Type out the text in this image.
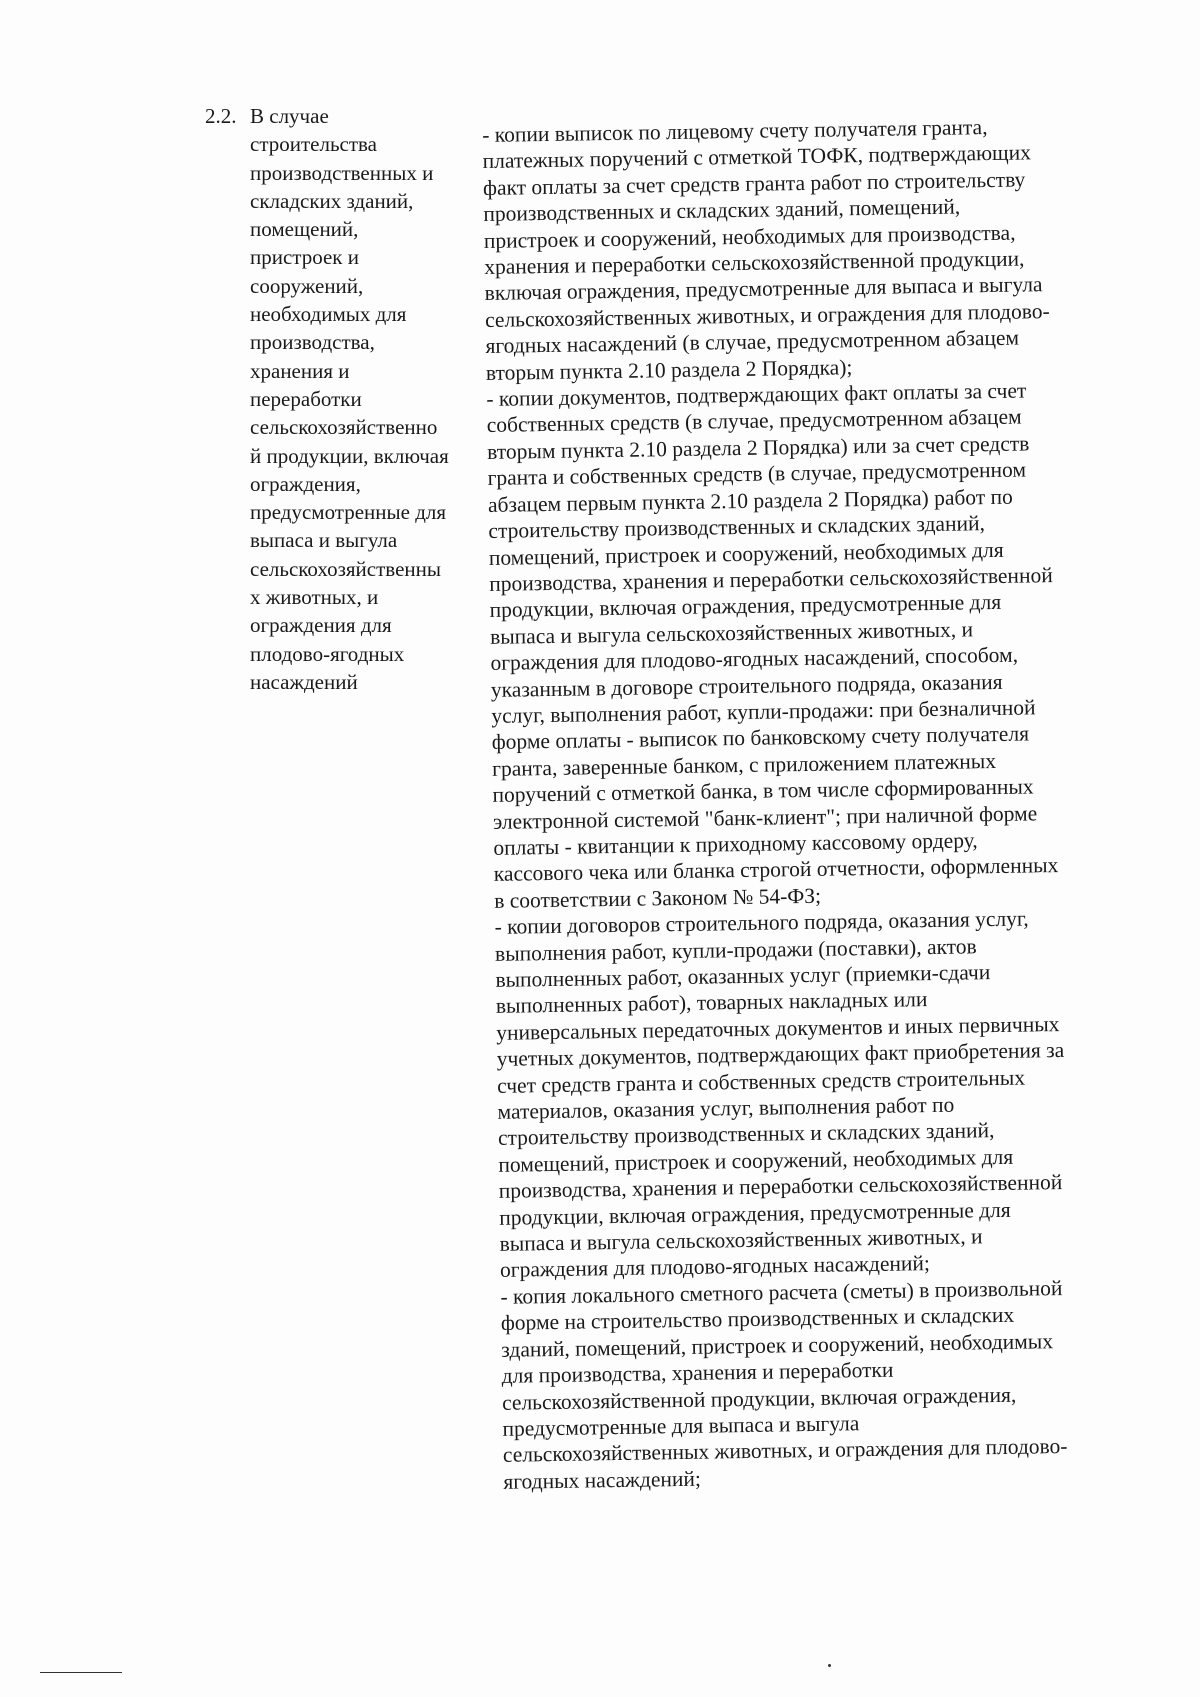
2.2. В случае
строительства
производственных и
складских зданий,
помещений,
пристроек и
сооружений,
необходимых для
производства,
хранения и
переработки
сельскохозяйственно
й продукции, включая
ограждения,
предусмотренные для
выпаса и выгула
сельскохозяйственны
х животных, и
ограждения для
плодово-ягодных
насаждений
- копии выписок по лицевому счету получателя гранта,
платежных поручений с отметкой ТОФК, подтверждающих
факт оплаты за счет средств гранта работ по строительству
производственных и складских зданий, помещений,
пристроек и сооружений, необходимых для производства,
хранения и переработки сельскохозяйственной продукции,
включая ограждения, предусмотренные для выпаса и выгула
сельскохозяйственных животных, и ограждения для плодово-
ягодных насаждений (в случае, предусмотренном абзацем
вторым пункта 2.10 раздела 2 Порядка);
- копии документов, подтверждающих факт оплаты за счет
собственных средств (в случае, предусмотренном абзацем
вторым пункта 2.10 раздела 2 Порядка) или за счет средств
гранта и собственных средств (в случае, предусмотренном
абзацем первым пункта 2.10 раздела 2 Порядка) работ по
строительству производственных и складских зданий,
помещений, пристроек и сооружений, необходимых для
производства, хранения и переработки сельскохозяйственной
продукции, включая ограждения, предусмотренные для
выпаса и выгула сельскохозяйственных животных, и
ограждения для плодово-ягодных насаждений, способом,
указанным в договоре строительного подряда, оказания
услуг, выполнения работ, купли-продажи: при безналичной
форме оплаты - выписок по банковскому счету получателя
гранта, заверенные банком, с приложением платежных
поручений с отметкой банка, в том числе сформированных
электронной системой "банк-клиент"; при наличной форме
оплаты - квитанции к приходному кассовому ордеру,
кассового чека или бланка строгой отчетности, оформленных
в соответствии с Законом № 54-ФЗ;
- копии договоров строительного подряда, оказания услуг,
выполнения работ, купли-продажи (поставки), актов
выполненных работ, оказанных услуг (приемки-сдачи
выполненных работ), товарных накладных или
универсальных передаточных документов и иных первичных
учетных документов, подтверждающих факт приобретения за
счет средств гранта и собственных средств строительных
материалов, оказания услуг, выполнения работ по
строительству производственных и складских зданий,
помещений, пристроек и сооружений, необходимых для
производства, хранения и переработки сельскохозяйственной
продукции, включая ограждения, предусмотренные для
выпаса и выгула сельскохозяйственных животных, и
ограждения для плодово-ягодных насаждений;
- копия локального сметного расчета (сметы) в произвольной
форме на строительство производственных и складских
зданий, помещений, пристроек и сооружений, необходимых
для производства, хранения и переработки
сельскохозяйственной продукции, включая ограждения,
предусмотренные для выпаса и выгула
сельскохозяйственных животных, и ограждения для плодово-
ягодных насаждений;
